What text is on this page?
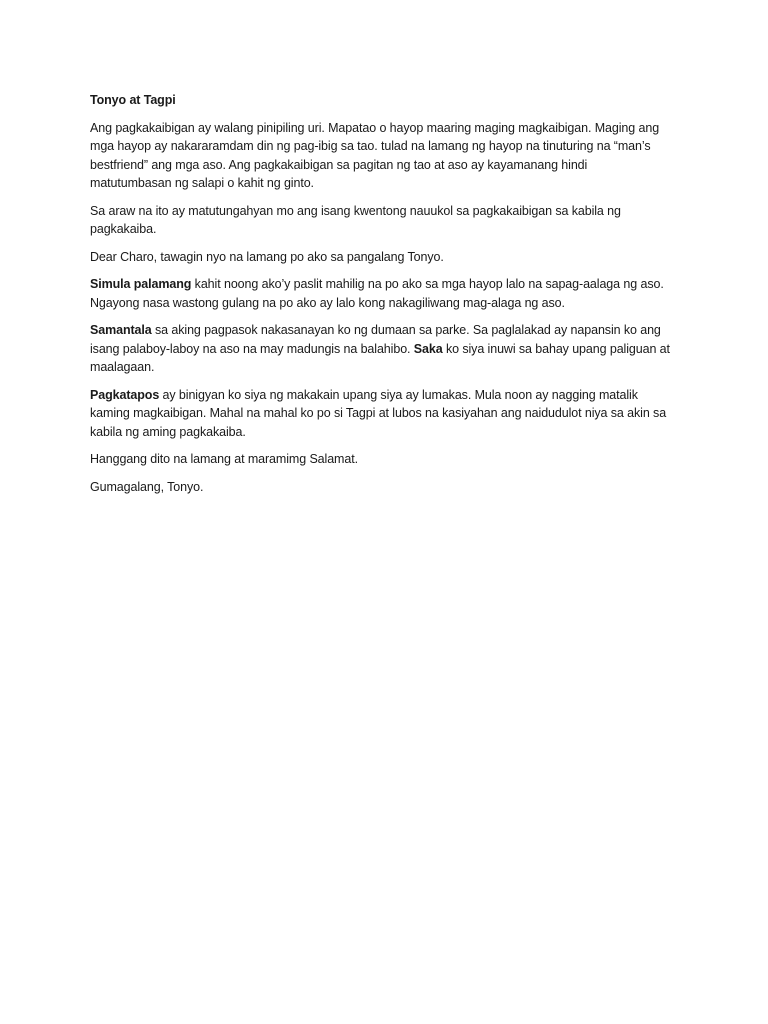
Tonyo at Tagpi
Ang pagkakaibigan ay walang pinipiling uri. Mapatao o hayop maaring maging magkaibigan. Maging ang
mga hayop ay nakararamdam din ng pag-ibig sa tao. tulad na lamang ng hayop na tinuturing na “man’s
bestfriend” ang mga aso. Ang pagkakaibigan sa pagitan ng tao at aso ay kayamanang hindi
matutumbasan ng salapi o kahit ng ginto.
Sa araw na ito ay matutungahyan mo ang isang kwentong nauukol sa pagkakaibigan sa kabila ng
pagkakaiba.
Dear Charo, tawagin nyo na lamang po ako sa pangalang Tonyo.
Simula palamang kahit noong ako’y paslit mahilig na po ako sa mga hayop lalo na sapag-aalaga ng aso.
Ngayong nasa wastong gulang na po ako ay lalo kong nakagiliwang mag-alaga ng aso.
Samantala sa aking pagpasok nakasanayan ko ng dumaan sa parke. Sa paglalakad ay napansin ko ang
isang palaboy-laboy na aso na may madungis na balahibo. Saka ko siya inuwi sa bahay upang paliguan at
maalagaan.
Pagkatapos ay binigyan ko siya ng makakain upang siya ay lumakas. Mula noon ay nagging matalik
kaming magkaibigan. Mahal na mahal ko po si Tagpi at lubos na kasiyahan ang naidudulot niya sa akin sa
kabila ng aming pagkakaiba.
Hanggang dito na lamang at maramimg Salamat.
Gumagalang, Tonyo.
